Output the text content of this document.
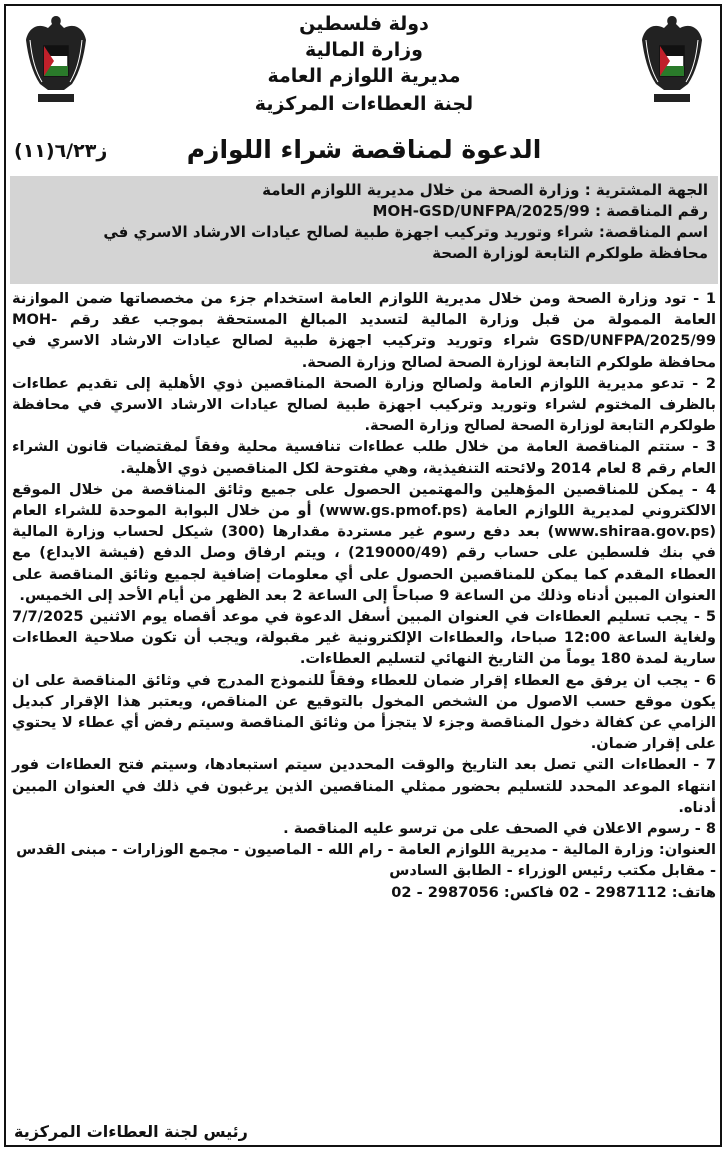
دولة فلسطين
وزارة المالية
مديرية اللوازم العامة
لجنة العطاءات المركزية
الدعوة لمناقصة شراء اللوازم
ز٦/٢٣(١١)
الجهة المشترية : وزارة الصحة من خلال مديرية اللوازم العامة
رقم المناقصة : MOH-GSD/UNFPA/2025/99
اسم المناقصة: شراء وتوريد وتركيب اجهزة طبية لصالح عيادات الارشاد الاسري في
محافظة طولكرم التابعة لوزارة الصحة

1 - تود وزارة الصحة ومن خلال مديرية اللوازم العامة استخدام جزء من مخصصاتها ضمن الموازنة العامة الممولة من قبل وزارة المالية لتسديد المبالغ المستحقة بموجب عقد رقم MOH-GSD/UNFPA/2025/99 شراء وتوريد وتركيب اجهزة طبية لصالح عيادات الارشاد الاسري في محافظة طولكرم التابعة لوزارة الصحة لصالح وزارة الصحة.

2 - تدعو مديرية اللوازم العامة ولصالح وزارة الصحة المناقصين ذوي الأهلية إلى تقديم عطاءات بالظرف المختوم لشراء وتوريد وتركيب اجهزة طبية لصالح عيادات الارشاد الاسري في محافظة طولكرم التابعة لوزارة الصحة لصالح وزارة الصحة.

3 - ستتم المناقصة العامة من خلال طلب عطاءات تنافسية محلية وفقاً لمقتضيات قانون الشراء العام رقم 8 لعام 2014 ولائحته التنفيذية، وهي مفتوحة لكل المناقصين ذوي الأهلية.

4 - يمكن للمناقصين المؤهلين والمهتمين الحصول على جميع وثائق المناقصة من خلال الموقع الالكتروني لمديرية اللوازم العامة (www.gs.pmof.ps) أو من خلال البوابة الموحدة للشراء العام (www.shiraa.gov.ps) بعد دفع رسوم غير مستردة مقدارها (300) شيكل لحساب وزارة المالية في بنك فلسطين على حساب رقم (219000/49) ، ويتم ارفاق وصل الدفع (فيشة الايداع) مع العطاء المقدم كما يمكن للمناقصين الحصول على أي معلومات إضافية لجميع وثائق المناقصة على العنوان المبين أدناه وذلك من الساعة 9 صباحاً إلى الساعة 2 بعد الظهر من أيام الأحد إلى الخميس.

5 - يجب تسليم العطاءات في العنوان المبين أسفل الدعوة في موعد أقصاه يوم الاثنين 7/7/2025 ولغاية الساعة 12:00 صباحا، والعطاءات الإلكترونية غير مقبولة، ويجب أن تكون صلاحية العطاءات سارية لمدة 180 يوماً من التاريخ النهائي لتسليم العطاءات.

6 - يجب ان يرفق مع العطاء إقرار ضمان للعطاء وفقاً للنموذج المدرج في وثائق المناقصة على ان يكون موقع حسب الاصول من الشخص المخول بالتوقيع عن المناقص، ويعتبر هذا الإقرار كبديل الزامي عن كفالة دخول المناقصة وجزء لا يتجزأ من وثائق المناقصة وسيتم رفض أي عطاء لا يحتوي على إقرار ضمان.

7 - العطاءات التي تصل بعد التاريخ والوقت المحددين سيتم استبعادها، وسيتم فتح العطاءات فور انتهاء الموعد المحدد للتسليم بحضور ممثلي المناقصين الذين يرغبون في ذلك في العنوان المبين أدناه.

8 - رسوم الاعلان في الصحف على من ترسو عليه المناقصة .

العنوان: وزارة المالية - مديرية اللوازم العامة - رام الله - الماصيون - مجمع الوزارات - مبنى القدس - مقابل مكتب رئيس الوزراء - الطابق السادس

هاتف: 2987112 - 02 فاكس: 2987056 - 02

رئيس لجنة العطاءات المركزية
